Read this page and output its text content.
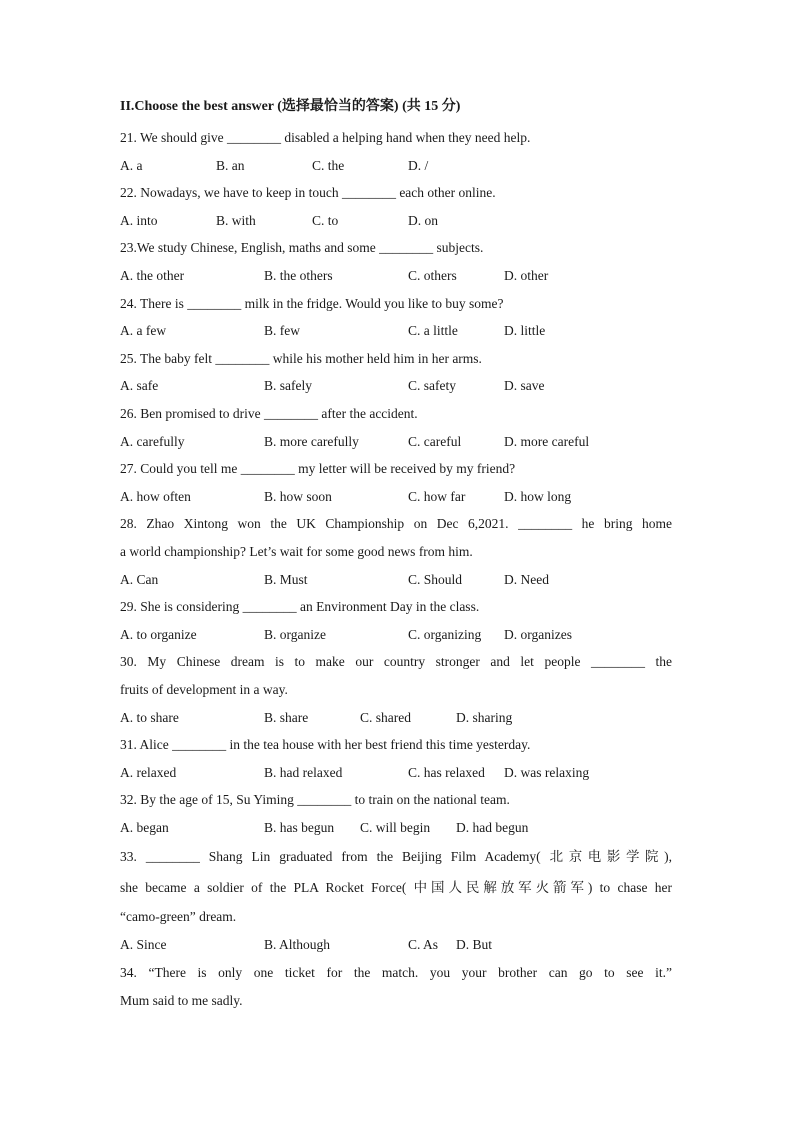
II.Choose the best answer (选择最恰当的答案) (共 15 分)
21. We should give ________ disabled a helping hand when they need help.
A. a	B. an	C. the	D. /
22. Nowadays, we have to keep in touch ________ each other online.
A. into	B. with	C. to	D. on
23.We study Chinese, English, maths and some ________ subjects.
A. the other	B. the others	C. others	D. other
24. There is ________ milk in the fridge. Would you like to buy some?
A. a few	B. few	C. a little	D. little
25. The baby felt ________ while his mother held him in her arms.
A. safe	B. safely	C. safety	D. save
26. Ben promised to drive ________ after the accident.
A. carefully	B. more carefully	C. careful	D. more careful
27. Could you tell me ________ my letter will be received by my friend?
A. how often	B. how soon	C. how far	D. how long
28. Zhao Xintong won the UK Championship on Dec 6,2021. ________ he bring home
a world championship? Let’s wait for some good news from him.
A. Can	B. Must	C. Should	D. Need
29. She is considering ________ an Environment Day in the class.
A. to organize	B. organize	C. organizing D. organizes
30. My Chinese dream is to make our country stronger and let people ________ the
fruits of development in a way.
A. to share	B. share	C. shared	D. sharing
31. Alice ________ in the tea house with her best friend this time yesterday.
A. relaxed	B. had relaxed	C. has relaxed D. was relaxing
32. By the age of 15, Su Yiming ________ to train on the national team.
A. began	B. has begun C. will begin D. had begun
33. ________ Shang Lin graduated from the Beijing Film Academy( 北京电影学院),
she became a soldier of the PLA Rocket Force( 中国人民解放军火箭军) to chase her
“camo-green” dream.
A. Since	B. Although	C. As D. But
34. “There is only one ticket for the match. you your brother can go to see it.”
Mum said to me sadly.
